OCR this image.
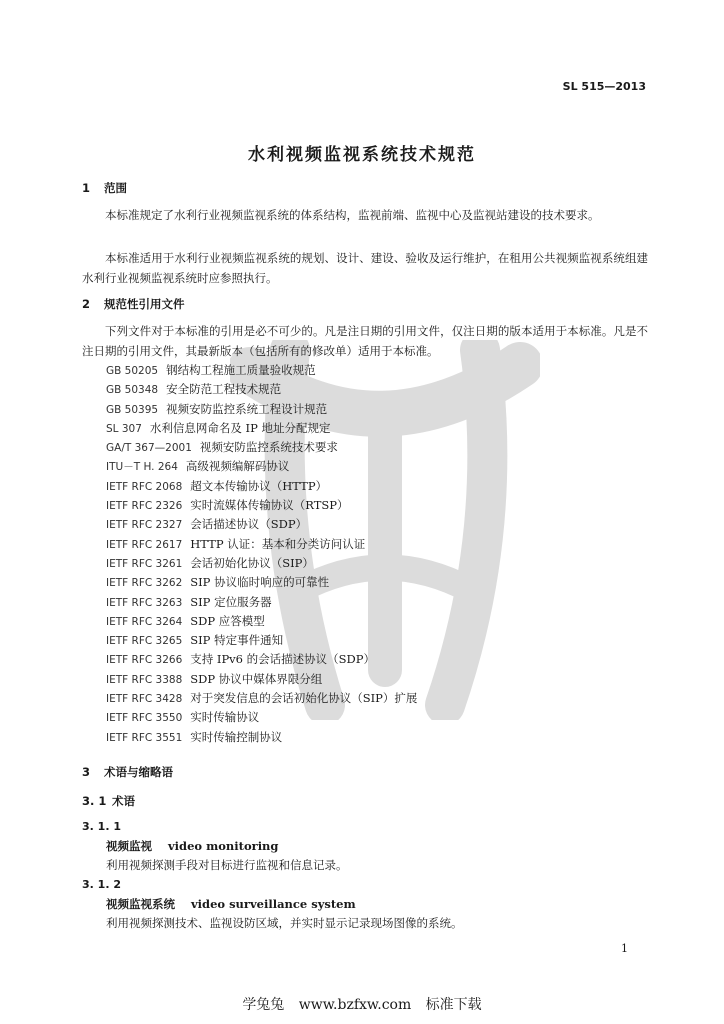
SL 515—2013
水利视频监视系统技术规范
1 范围
本标准规定了水利行业视频监视系统的体系结构，监视前端、监视中心及监视站建设的技术要求。
本标准适用于水利行业视频监视系统的规划、设计、建设、验收及运行维护，在租用公共视频监视系统组建水利行业视频监视系统时应参照执行。
2 规范性引用文件
下列文件对于本标准的引用是必不可少的。凡是注日期的引用文件，仅注日期的版本适用于本标准。凡是不注日期的引用文件，其最新版本（包括所有的修改单）适用于本标准。
GB 50205 钢结构工程施工质量验收规范
GB 50348 安全防范工程技术规范
GB 50395 视频安防监控系统工程设计规范
SL 307 水利信息网命名及 IP 地址分配规定
GA/T 367—2001 视频安防监控系统技术要求
ITU－T H. 264 高级视频编解码协议
IETF RFC 2068 超文本传输协议（HTTP）
IETF RFC 2326 实时流媒体传输协议（RTSP）
IETF RFC 2327 会话描述协议（SDP）
IETF RFC 2617 HTTP 认证：基本和分类访问认证
IETF RFC 3261 会话初始化协议（SIP）
IETF RFC 3262 SIP 协议临时响应的可靠性
IETF RFC 3263 SIP 定位服务器
IETF RFC 3264 SDP 应答模型
IETF RFC 3265 SIP 特定事件通知
IETF RFC 3266 支持 IPv6 的会话描述协议（SDP）
IETF RFC 3388 SDP 协议中媒体界限分组
IETF RFC 3428 对于突发信息的会话初始化协议（SIP）扩展
IETF RFC 3550 实时传输协议
IETF RFC 3551 实时传输控制协议
3 术语与缩略语
3. 1 术语
3. 1. 1
视频监视 video monitoring
利用视频探测手段对目标进行监视和信息记录。
3. 1. 2
视频监视系统 video surveillance system
利用视频探测技术、监视设防区域，并实时显示记录现场图像的系统。
1
学兔兔 www.bzfxw.com 标准下载
